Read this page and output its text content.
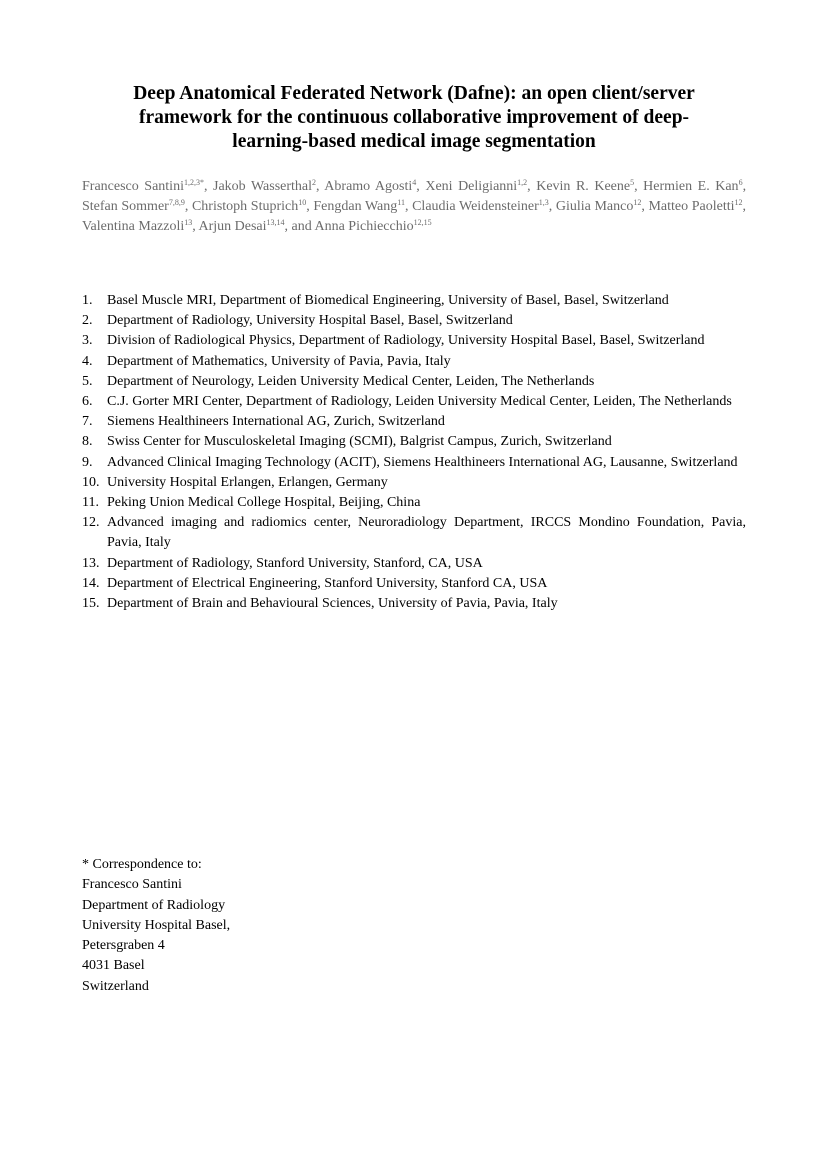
Deep Anatomical Federated Network (Dafne): an open client/server
framework for the continuous collaborative improvement of deep-
learning-based medical image segmentation
Francesco Santini$^{1,2,3*}$, Jakob Wasserthal$^2$, Abramo Agosti$^4$, Xeni Deligianni$^{1,2}$, Kevin R. Keene$^5$, Hermien E. Kan$^6$, Stefan Sommer$^{7,8,9}$, Christoph Stuprich$^{10}$, Fengdan Wang$^{11}$, Claudia Weidensteiner$^{1,3}$, Giulia Manco$^{12}$, Matteo Paoletti$^{12}$, Valentina Mazzoli$^{13}$, Arjun Desai$^{13,14}$, and Anna Pichiecchio$^{12,15}$
1. Basel Muscle MRI, Department of Biomedical Engineering, University of Basel, Basel, Switzerland
2. Department of Radiology, University Hospital Basel, Basel, Switzerland
3. Division of Radiological Physics, Department of Radiology, University Hospital Basel, Basel, Switzerland
4. Department of Mathematics, University of Pavia, Pavia, Italy
5. Department of Neurology, Leiden University Medical Center, Leiden, The Netherlands
6. C.J. Gorter MRI Center, Department of Radiology, Leiden University Medical Center, Leiden, The Netherlands
7. Siemens Healthineers International AG, Zurich, Switzerland
8. Swiss Center for Musculoskeletal Imaging (SCMI), Balgrist Campus, Zurich, Switzerland
9. Advanced Clinical Imaging Technology (ACIT), Siemens Healthineers International AG, Lausanne, Switzerland
10. University Hospital Erlangen, Erlangen, Germany
11. Peking Union Medical College Hospital, Beijing, China
12. Advanced imaging and radiomics center, Neuroradiology Department, IRCCS Mondino Foundation, Pavia, Pavia, Italy
13. Department of Radiology, Stanford University, Stanford, CA, USA
14. Department of Electrical Engineering, Stanford University, Stanford CA, USA
15. Department of Brain and Behavioural Sciences, University of Pavia, Pavia, Italy
* Correspondence to:
Francesco Santini
Department of Radiology
University Hospital Basel,
Petersgraben 4
4031 Basel
Switzerland
